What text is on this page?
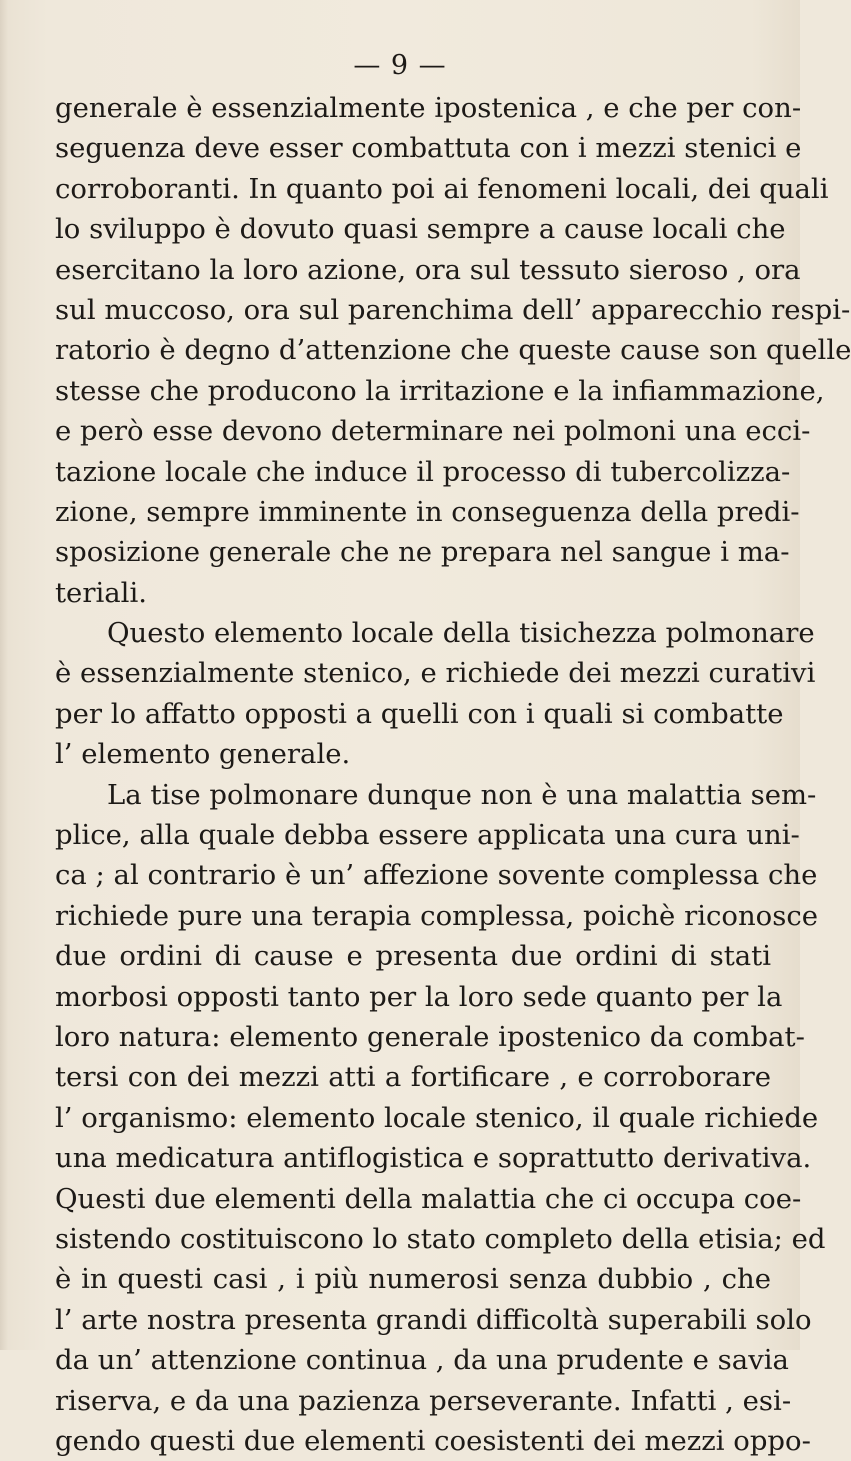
— 9 —
generale è essenzialmente ipostenica , e che per con-
seguenza deve esser combattuta con i mezzi stenici e
corroboranti. In quanto poi ai fenomeni locali, dei quali
lo sviluppo è dovuto quasi sempre a cause locali che
esercitano la loro azione, ora sul tessuto sieroso , ora
sul muccoso, ora sul parenchima dell’ apparecchio respi-
ratorio è degno d’attenzione che queste cause son quelle
stesse che producono la irritazione e la infiammazione,
e però esse devono determinare nei polmoni una ecci-
tazione locale che induce il processo di tubercolizza-
zione, sempre imminente in conseguenza della predi-
sposizione generale che ne prepara nel sangue i ma-
teriali.
Questo elemento locale della tisichezza polmonare
è essenzialmente stenico, e richiede dei mezzi curativi
per lo affatto opposti a quelli con i quali si combatte
l’ elemento generale.
La tise polmonare dunque non è una malattia sem-
plice, alla quale debba essere applicata una cura uni-
ca ; al contrario è un’ affezione sovente complessa che
richiede pure una terapia complessa, poichè riconosce
due ordini di cause e presenta due ordini di stati
morbosi opposti tanto per la loro sede quanto per la
loro natura: elemento generale ipostenico da combat-
tersi con dei mezzi atti a fortificare , e corroborare
l’ organismo: elemento locale stenico, il quale richiede
una medicatura antiflogistica e soprattutto derivativa.
Questi due elementi della malattia che ci occupa coe-
sistendo costituiscono lo stato completo della etisia; ed
è in questi casi , i più numerosi senza dubbio , che
l’ arte nostra presenta grandi difficoltà superabili solo
da un’ attenzione continua , da una prudente e savia
riserva, e da una pazienza perseverante. Infatti , esi-
gendo questi due elementi coesistenti dei mezzi oppo-
